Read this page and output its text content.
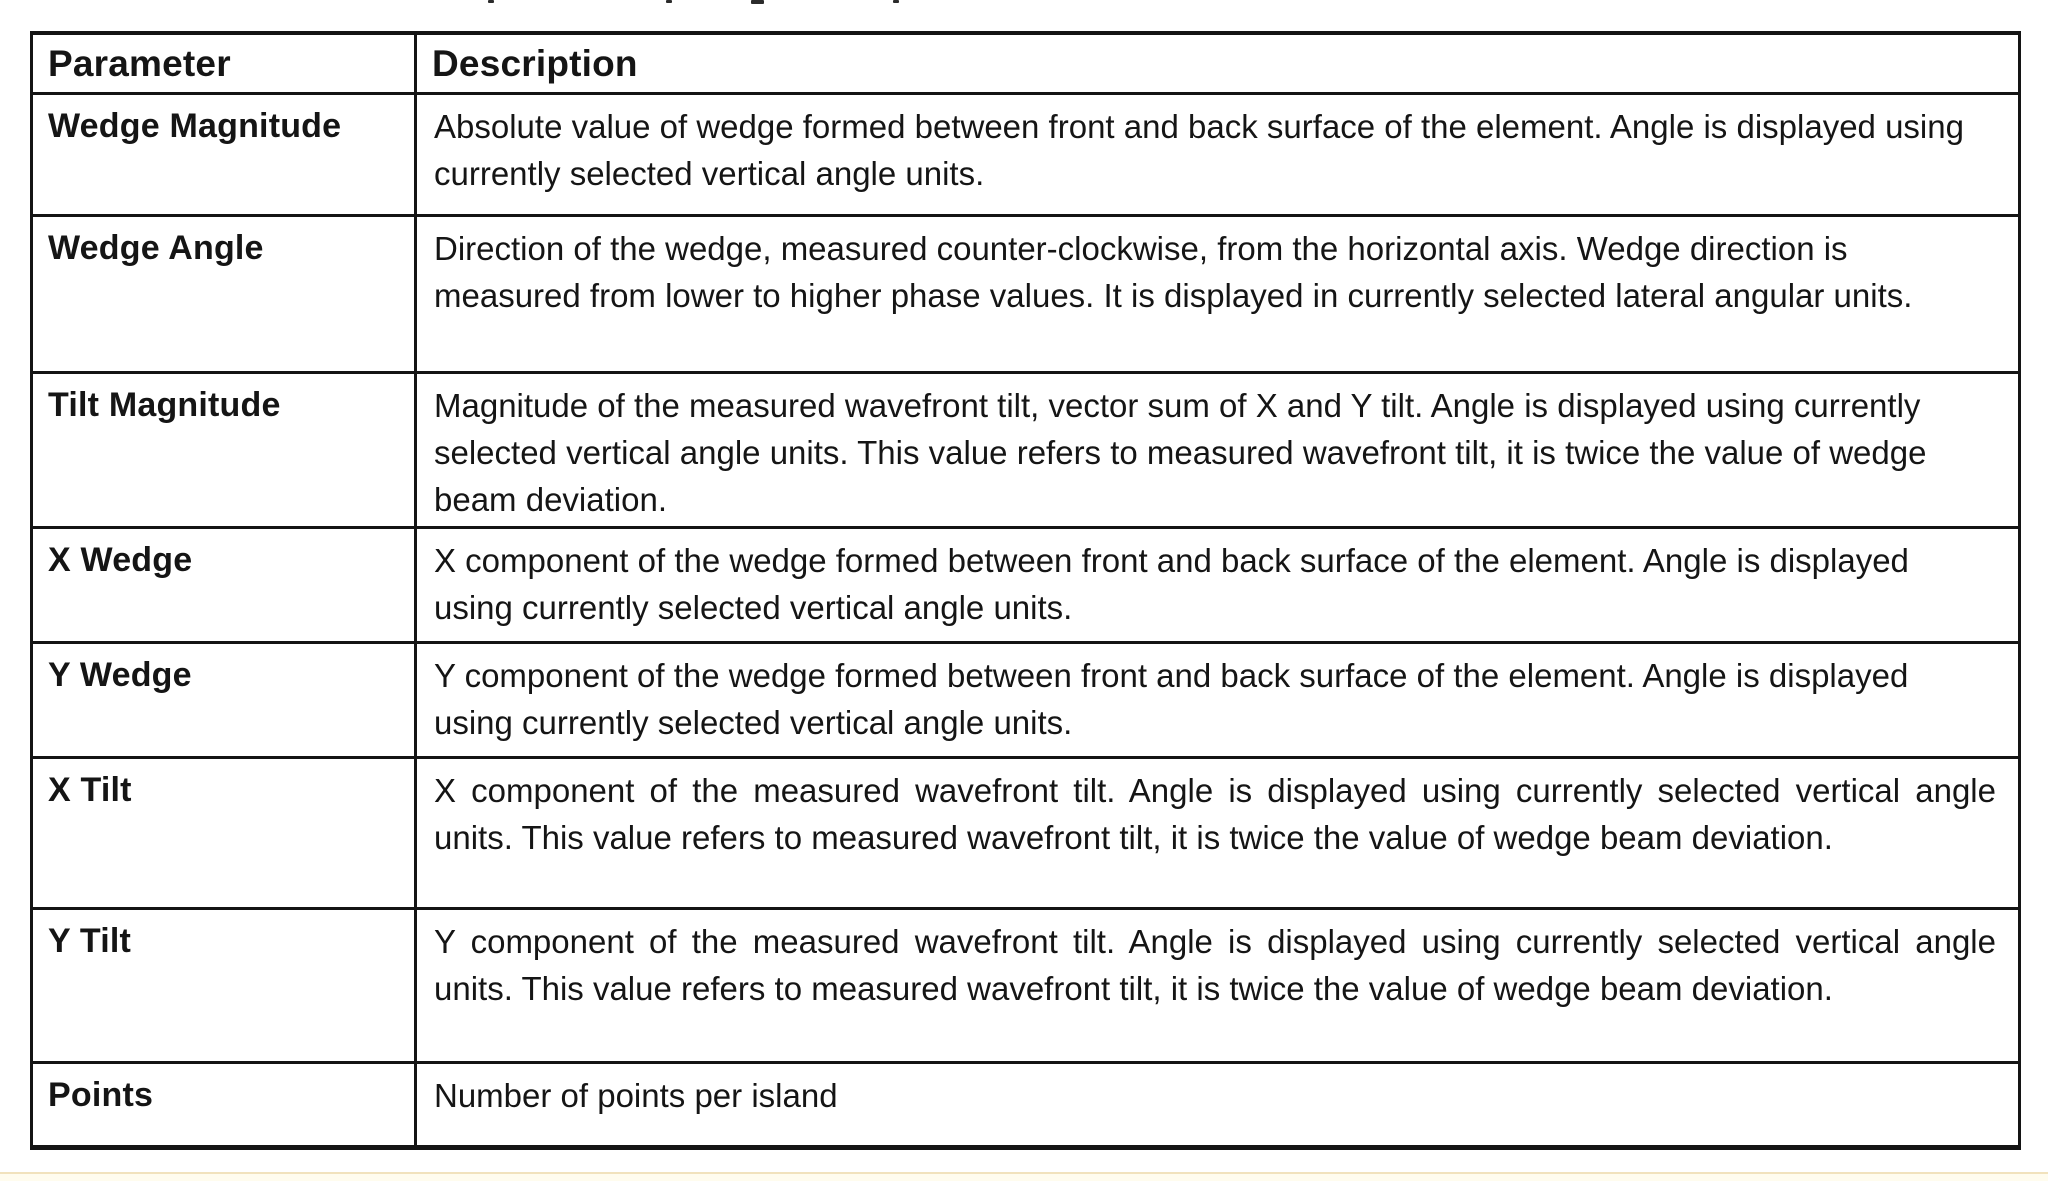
Parameter	Description
Wedge Magnitude	Absolute value of wedge formed between front and back surface of the element. Angle is displayed using currently selected vertical angle units.
Wedge Angle	Direction of the wedge, measured counter-clockwise, from the horizontal axis. Wedge direction is measured from lower to higher phase values. It is displayed in currently selected lateral angular units.
Tilt Magnitude	Magnitude of the measured wavefront tilt, vector sum of X and Y tilt. Angle is displayed using currently selected vertical angle units. This value refers to measured wavefront tilt, it is twice the value of wedge beam deviation.
X Wedge	X component of the wedge formed between front and back surface of the element. Angle is displayed using currently selected vertical angle units.
Y Wedge	Y component of the wedge formed between front and back surface of the element. Angle is displayed using currently selected vertical angle units.
X Tilt	X component of the measured wavefront tilt. Angle is displayed using currently selected vertical angle units. This value refers to measured wavefront tilt, it is twice the value of wedge beam deviation.
Y Tilt	Y component of the measured wavefront tilt. Angle is displayed using currently selected vertical angle units. This value refers to measured wavefront tilt, it is twice the value of wedge beam deviation.
Points	Number of points per island
